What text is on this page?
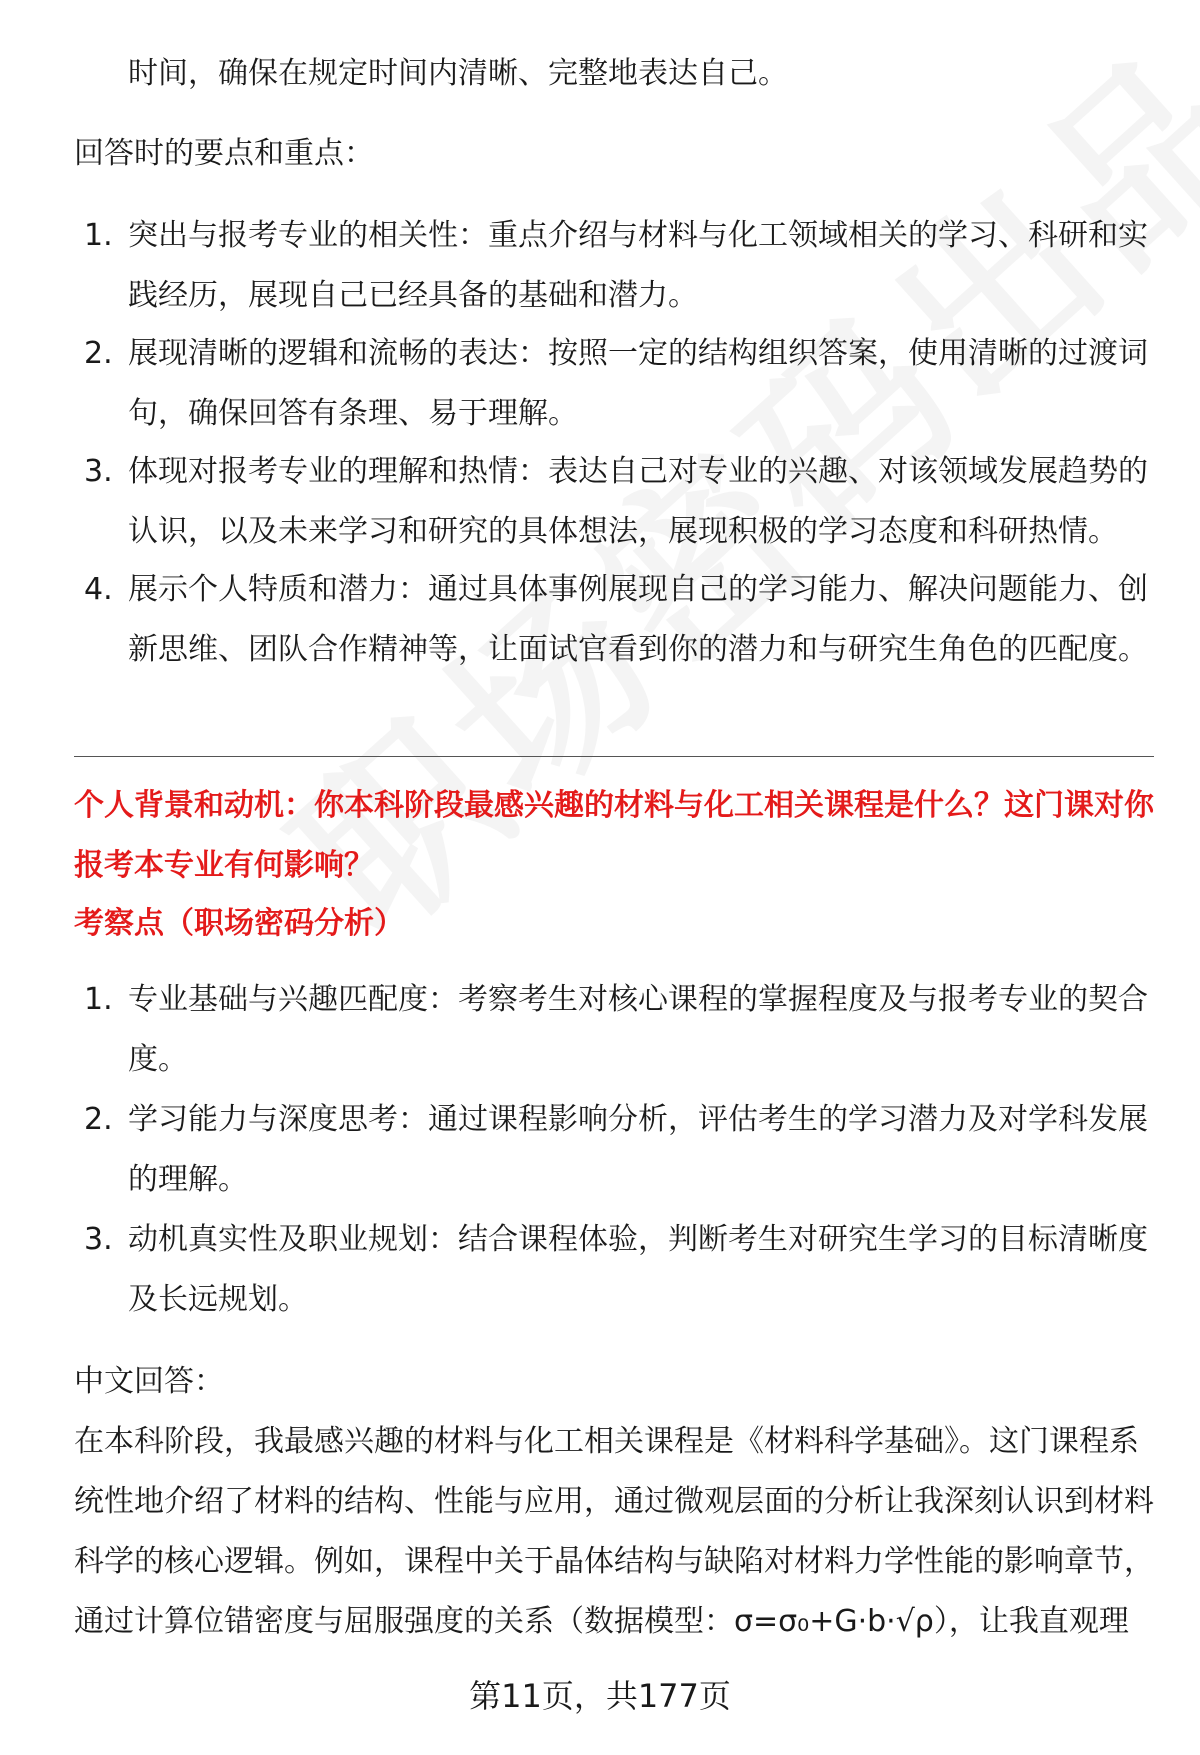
时间，确保在规定时间内清晰、完整地表达自己。
回答时的要点和重点：
1. 突出与报考专业的相关性：重点介绍与材料与化工领域相关的学习、科研和实践经历，展现自己已经具备的基础和潜力。
2. 展现清晰的逻辑和流畅的表达：按照一定的结构组织答案，使用清晰的过渡词句，确保回答有条理、易于理解。
3. 体现对报考专业的理解和热情：表达自己对专业的兴趣、对该领域发展趋势的认识，以及未来学习和研究的具体想法，展现积极的学习态度和科研热情。
4. 展示个人特质和潜力：通过具体事例展现自己的学习能力、解决问题能力、创新思维、团队合作精神等，让面试官看到你的潜力和与研究生角色的匹配度。
个人背景和动机：你本科阶段最感兴趣的材料与化工相关课程是什么？这门课对你报考本专业有何影响？
考察点（职场密码分析）
1. 专业基础与兴趣匹配度：考察考生对核心课程的掌握程度及与报考专业的契合度。
2. 学习能力与深度思考：通过课程影响分析，评估考生的学习潜力及对学科发展的理解。
3. 动机真实性及职业规划：结合课程体验，判断考生对研究生学习的目标清晰度及长远规划。
中文回答：
在本科阶段，我最感兴趣的材料与化工相关课程是《材料科学基础》。这门课程系统性地介绍了材料的结构、性能与应用，通过微观层面的分析让我深刻认识到材料科学的核心逻辑。例如，课程中关于晶体结构与缺陷对材料力学性能的影响章节，通过计算位错密度与屈服强度的关系（数据模型：σ=σ₀+G·b·√ρ），让我直观理
第11页，共177页
